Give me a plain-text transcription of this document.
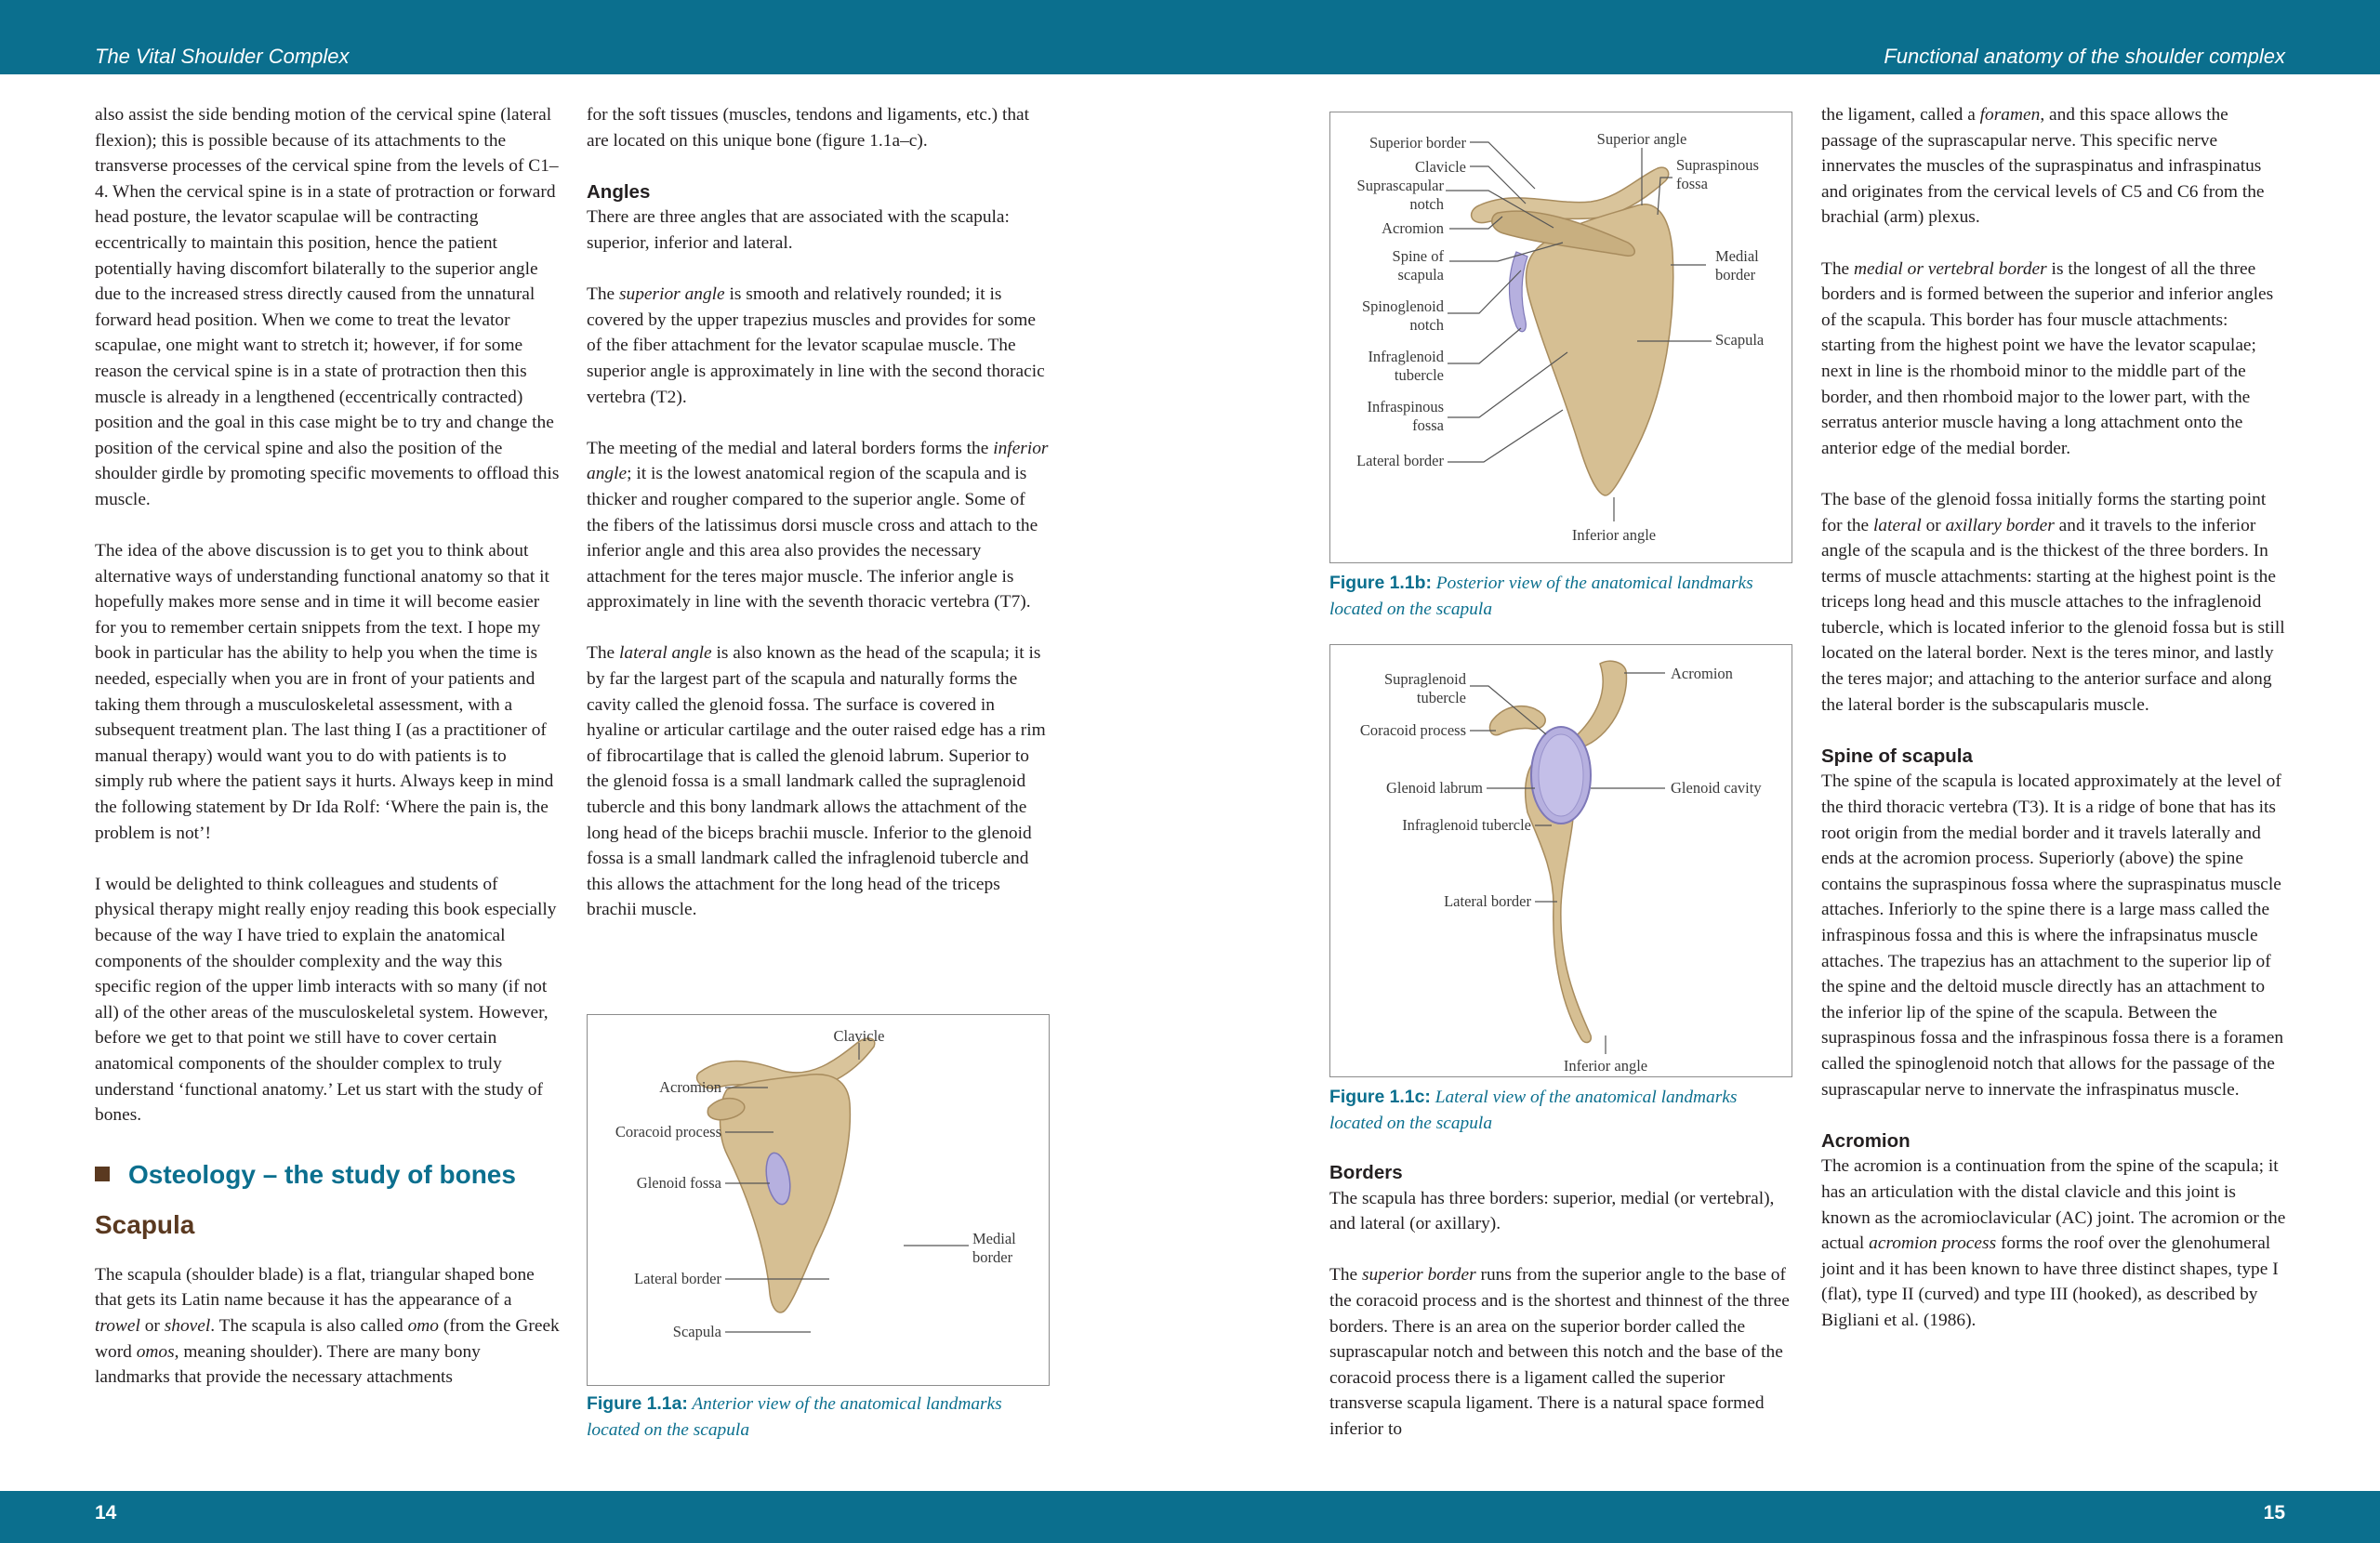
The Vital Shoulder Complex	Functional anatomy of the shoulder complex

also assist the side bending motion of the cervical spine (lateral flexion); this is possible because of its attachments to the transverse processes of the cervical spine from the levels of C1–4. When the cervical spine is in a state of protraction or forward head posture, the levator scapulae will be contracting eccentrically to maintain this position, hence the patient potentially having discomfort bilaterally to the superior angle due to the increased stress directly caused from the unnatural forward head position. When we come to treat the levator scapulae, one might want to stretch it; however, if for some reason the cervical spine is in a state of protraction then this muscle is already in a lengthened (eccentrically contracted) position and the goal in this case might be to try and change the position of the cervical spine and also the position of the shoulder girdle by promoting specific movements to offload this muscle.

The idea of the above discussion is to get you to think about alternative ways of understanding functional anatomy so that it hopefully makes more sense and in time it will become easier for you to remember certain snippets from the text. I hope my book in particular has the ability to help you when the time is needed, especially when you are in front of your patients and taking them through a musculoskeletal assessment, with a subsequent treatment plan. The last thing I (as a practitioner of manual therapy) would want you to do with patients is to simply rub where the patient says it hurts. Always keep in mind the following statement by Dr Ida Rolf: ‘Where the pain is, the problem is not’!

I would be delighted to think colleagues and students of physical therapy might really enjoy reading this book especially because of the way I have tried to explain the anatomical components of the shoulder complexity and the way this specific region of the upper limb interacts with so many (if not all) of the other areas of the musculoskeletal system. However, before we get to that point we still have to cover certain anatomical components of the shoulder complex to truly understand ‘functional anatomy.’ Let us start with the study of bones.

Osteology – the study of bones
Scapula

The scapula (shoulder blade) is a flat, triangular shaped bone that gets its Latin name because it has the appearance of a trowel or shovel. The scapula is also called omo (from the Greek word omos, meaning shoulder). There are many bony landmarks that provide the necessary attachments

for the soft tissues (muscles, tendons and ligaments, etc.) that are located on this unique bone (figure 1.1a–c).

Angles

There are three angles that are associated with the scapula: superior, inferior and lateral.

The superior angle is smooth and relatively rounded; it is covered by the upper trapezius muscles and provides for some of the fiber attachment for the levator scapulae muscle. The superior angle is approximately in line with the second thoracic vertebra (T2).

The meeting of the medial and lateral borders forms the inferior angle; it is the lowest anatomical region of the scapula and is thicker and rougher compared to the superior angle. Some of the fibers of the latissimus dorsi muscle cross and attach to the inferior angle and this area also provides the necessary attachment for the teres major muscle. The inferior angle is approximately in line with the seventh thoracic vertebra (T7).

The lateral angle is also known as the head of the scapula; it is by far the largest part of the scapula and naturally forms the cavity called the glenoid fossa. The surface is covered in hyaline or articular cartilage and the outer raised edge has a rim of fibrocartilage that is called the glenoid labrum. Superior to the glenoid fossa is a small landmark called the supraglenoid tubercle and this bony landmark allows the attachment of the long head of the biceps brachii muscle. Inferior to the glenoid fossa is a small landmark called the infraglenoid tubercle and this allows the attachment for the long head of the triceps brachii muscle.

Clavicle
Acromion
Coracoid process
Glenoid fossa
Medial
border
Lateral border
Scapula
Figure 1.1a: Anterior view of the anatomical landmarks located on the scapula
Superior border
Clavicle
Suprascapular
notch
Acromion
Spine of
scapula
Spinoglenoid
notch
Infraglenoid
tubercle
Infraspinous
fossa
Lateral border
Superior angle
Supraspinous
fossa
Medial
border
Scapula
Inferior angle
Figure 1.1b: Posterior view of the anatomical landmarks located on the scapula
Supraglenoid
tubercle
Coracoid process
Acromion
Glenoid labrum	Glenoid cavity
Infraglenoid tubercle
Lateral border
Inferior angle
Figure 1.1c: Lateral view of the anatomical landmarks located on the scapula
Borders

The scapula has three borders: superior, medial (or vertebral), and lateral (or axillary).

The superior border runs from the superior angle to the base of the coracoid process and is the shortest and thinnest of the three borders. There is an area on the superior border called the suprascapular notch and between this notch and the base of the coracoid process there is a ligament called the superior transverse scapula ligament. There is a natural space formed inferior to

the ligament, called a foramen, and this space allows the passage of the suprascapular nerve. This specific nerve innervates the muscles of the supraspinatus and infraspinatus and originates from the cervical levels of C5 and C6 from the brachial (arm) plexus.

The medial or vertebral border is the longest of all the three borders and is formed between the superior and inferior angles of the scapula. This border has four muscle attachments: starting from the highest point we have the levator scapulae; next in line is the rhomboid minor to the middle part of the border, and then rhomboid major to the lower part, with the serratus anterior muscle having a long attachment onto the anterior edge of the medial border.

The base of the glenoid fossa initially forms the starting point for the lateral or axillary border and it travels to the inferior angle of the scapula and is the thickest of the three borders. In terms of muscle attachments: starting at the highest point is the triceps long head and this muscle attaches to the infraglenoid tubercle, which is located inferior to the glenoid fossa but is still located on the lateral border. Next is the teres minor, and lastly the teres major; and attaching to the anterior surface and along the lateral border is the subscapularis muscle.

Spine of scapula

The spine of the scapula is located approximately at the level of the third thoracic vertebra (T3). It is a ridge of bone that has its root origin from the medial border and it travels laterally and ends at the acromion process. Superiorly (above) the spine contains the supraspinous fossa where the supraspinatus muscle attaches. Inferiorly to the spine there is a large mass called the infraspinous fossa and this is where the infrapsinatus muscle attaches. The trapezius has an attachment to the superior lip of the spine and the deltoid muscle directly has an attachment to the inferior lip of the spine of the scapula. Between the supraspinous fossa and the infraspinous fossa there is a foramen called the spinoglenoid notch that allows for the passage of the suprascapular nerve to innervate the infraspinatus muscle.

Acromion

The acromion is a continuation from the spine of the scapula; it has an articulation with the distal clavicle and this joint is known as the acromioclavicular (AC) joint. The acromion or the actual acromion process forms the roof over the glenohumeral joint and it has been known to have three distinct shapes, type I (flat), type II (curved) and type III (hooked), as described by Bigliani et al. (1986).

14	15
